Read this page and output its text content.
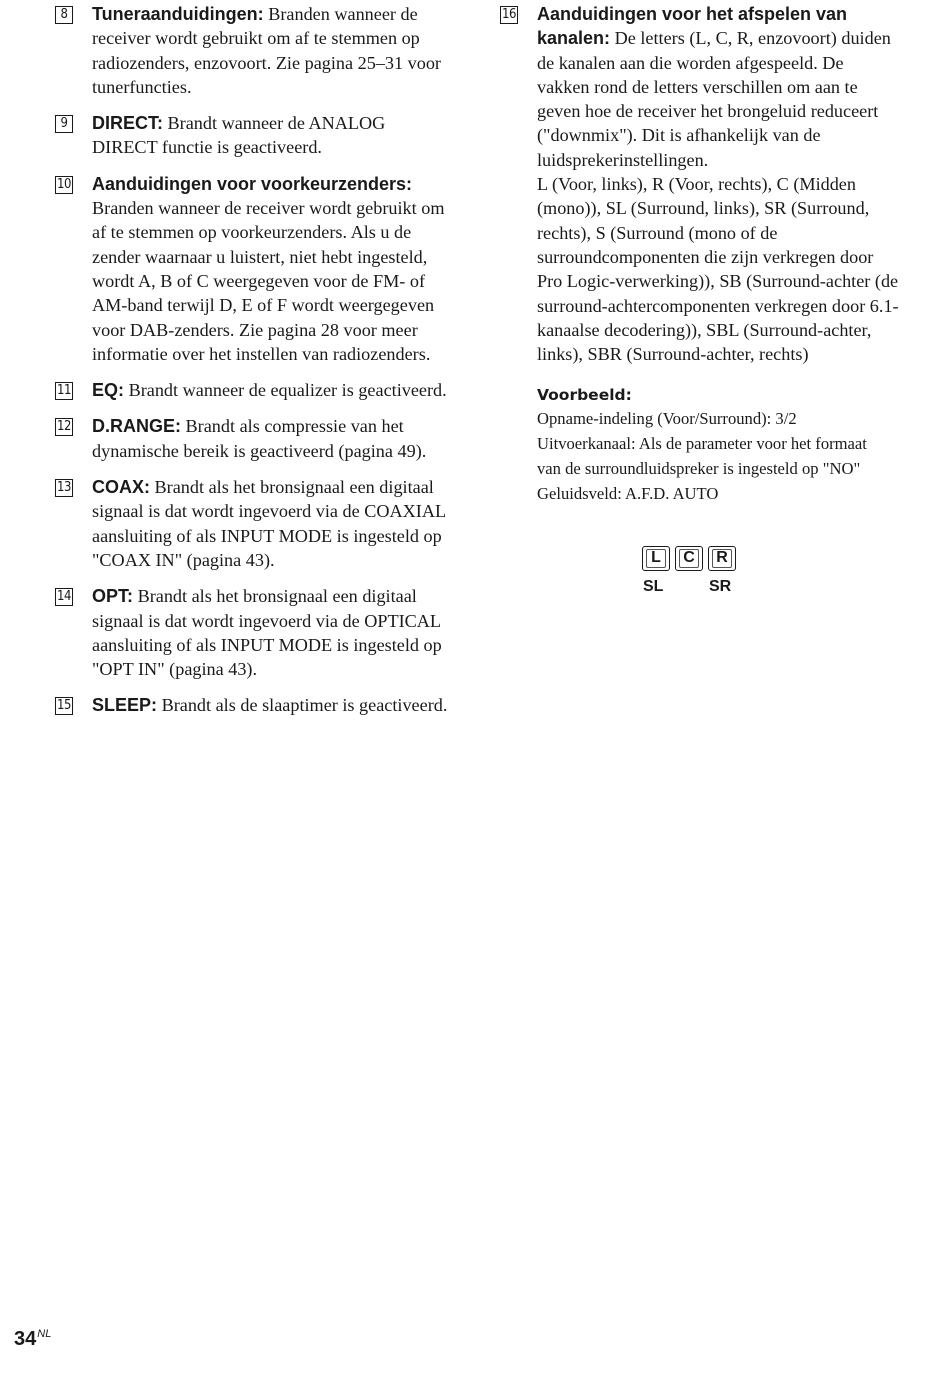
8	Tuneraanduidingen: Branden wanneer de receiver wordt gebruikt om af te stemmen op radiozenders, enzovoort. Zie pagina 25–31 voor tunerfuncties.
9	DIRECT: Brandt wanneer de ANALOG DIRECT functie is geactiveerd.
10 Aanduidingen voor voorkeurzenders: Branden wanneer de receiver wordt gebruikt om af te stemmen op voorkeurzenders. Als u de zender waarnaar u luistert, niet hebt ingesteld, wordt A, B of C weergegeven voor de FM- of AM-band terwijl D, E of F wordt weergegeven voor DAB-zenders. Zie pagina 28 voor meer informatie over het instellen van radiozenders.
11 EQ: Brandt wanneer de equalizer is geactiveerd.
12 D.RANGE: Brandt als compressie van het dynamische bereik is geactiveerd (pagina 49).
13 COAX: Brandt als het bronsignaal een digitaal signaal is dat wordt ingevoerd via de COAXIAL aansluiting of als INPUT MODE is ingesteld op "COAX IN" (pagina 43).
14 OPT: Brandt als het bronsignaal een digitaal signaal is dat wordt ingevoerd via de OPTICAL aansluiting of als INPUT MODE is ingesteld op "OPT IN" (pagina 43).
15 SLEEP: Brandt als de slaaptimer is geactiveerd.
16 Aanduidingen voor het afspelen van kanalen: De letters (L, C, R, enzovoort) duiden de kanalen aan die worden afgespeeld. De vakken rond de letters verschillen om aan te geven hoe de receiver het brongeluid reduceert ("downmix"). Dit is afhankelijk van de luidsprekerinstellingen.
L (Voor, links), R (Voor, rechts), C (Midden (mono)), SL (Surround, links), SR (Surround, rechts), S (Surround (mono of de surroundcomponenten die zijn verkregen door Pro Logic-verwerking)), SB (Surround-achter (de surround-achtercomponenten verkregen door 6.1-kanaalse decodering)), SBL (Surround-achter, links), SBR (Surround-achter, rechts)
Voorbeeld:
Opname-indeling (Voor/Surround): 3/2
Uitvoerkanaal: Als de parameter voor het formaat
van de surroundluidspreker is ingesteld op "NO"
Geluidsveld: A.F.D. AUTO
L	C	R
SL	SR
$34^{NL}$
